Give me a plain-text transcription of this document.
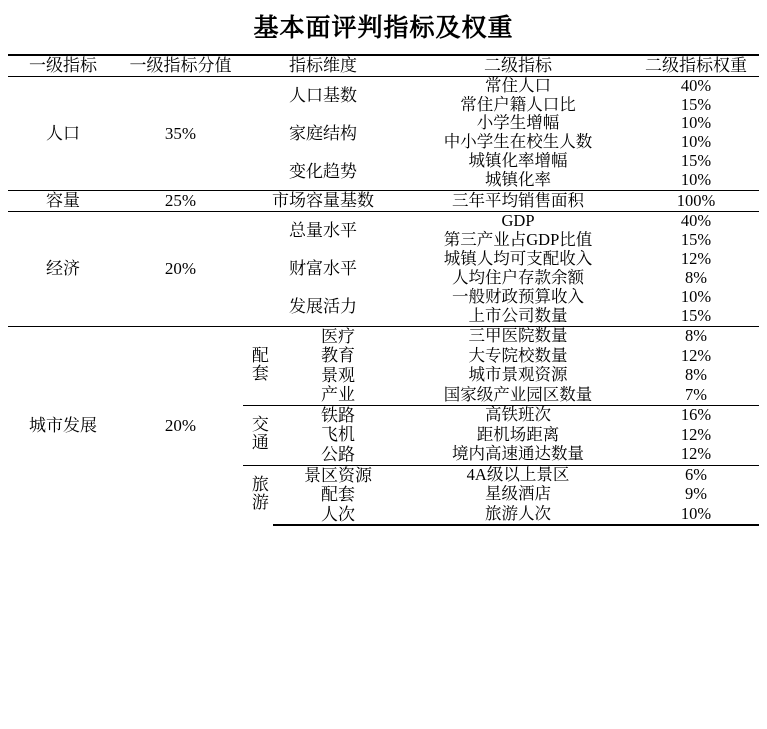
基本面评判指标及权重
一级指标	一级指标分值	指标维度		二级指标	二级指标权重
人口	35%	人口基数		常住人口	40%
				常住户籍人口比	15%
		家庭结构		小学生增幅	10%
				中小学生在校生人数	10%
		变化趋势		城镇化率增幅	15%
				城镇化率	10%
容量	25%	市场容量基数		三年平均销售面积	100%
经济	20%	总量水平		GDP	40%
				第三产业占GDP比值	15%
		财富水平		城镇人均可支配收入	12%
				人均住户存款余额	8%
		发展活力		一般财政预算收入	10%
				上市公司数量	15%
城市发展	20%	配套	医疗	三甲医院数量	8%
			教育	大专院校数量	12%
			景观	城市景观资源	8%
			产业	国家级产业园区数量	7%
		交通	铁路	高铁班次	16%
			飞机	距机场距离	12%
			公路	境内高速通达数量	12%
		旅游	景区资源	4A级以上景区	6%
			配套	星级酒店	9%
			人次	旅游人次	10%
